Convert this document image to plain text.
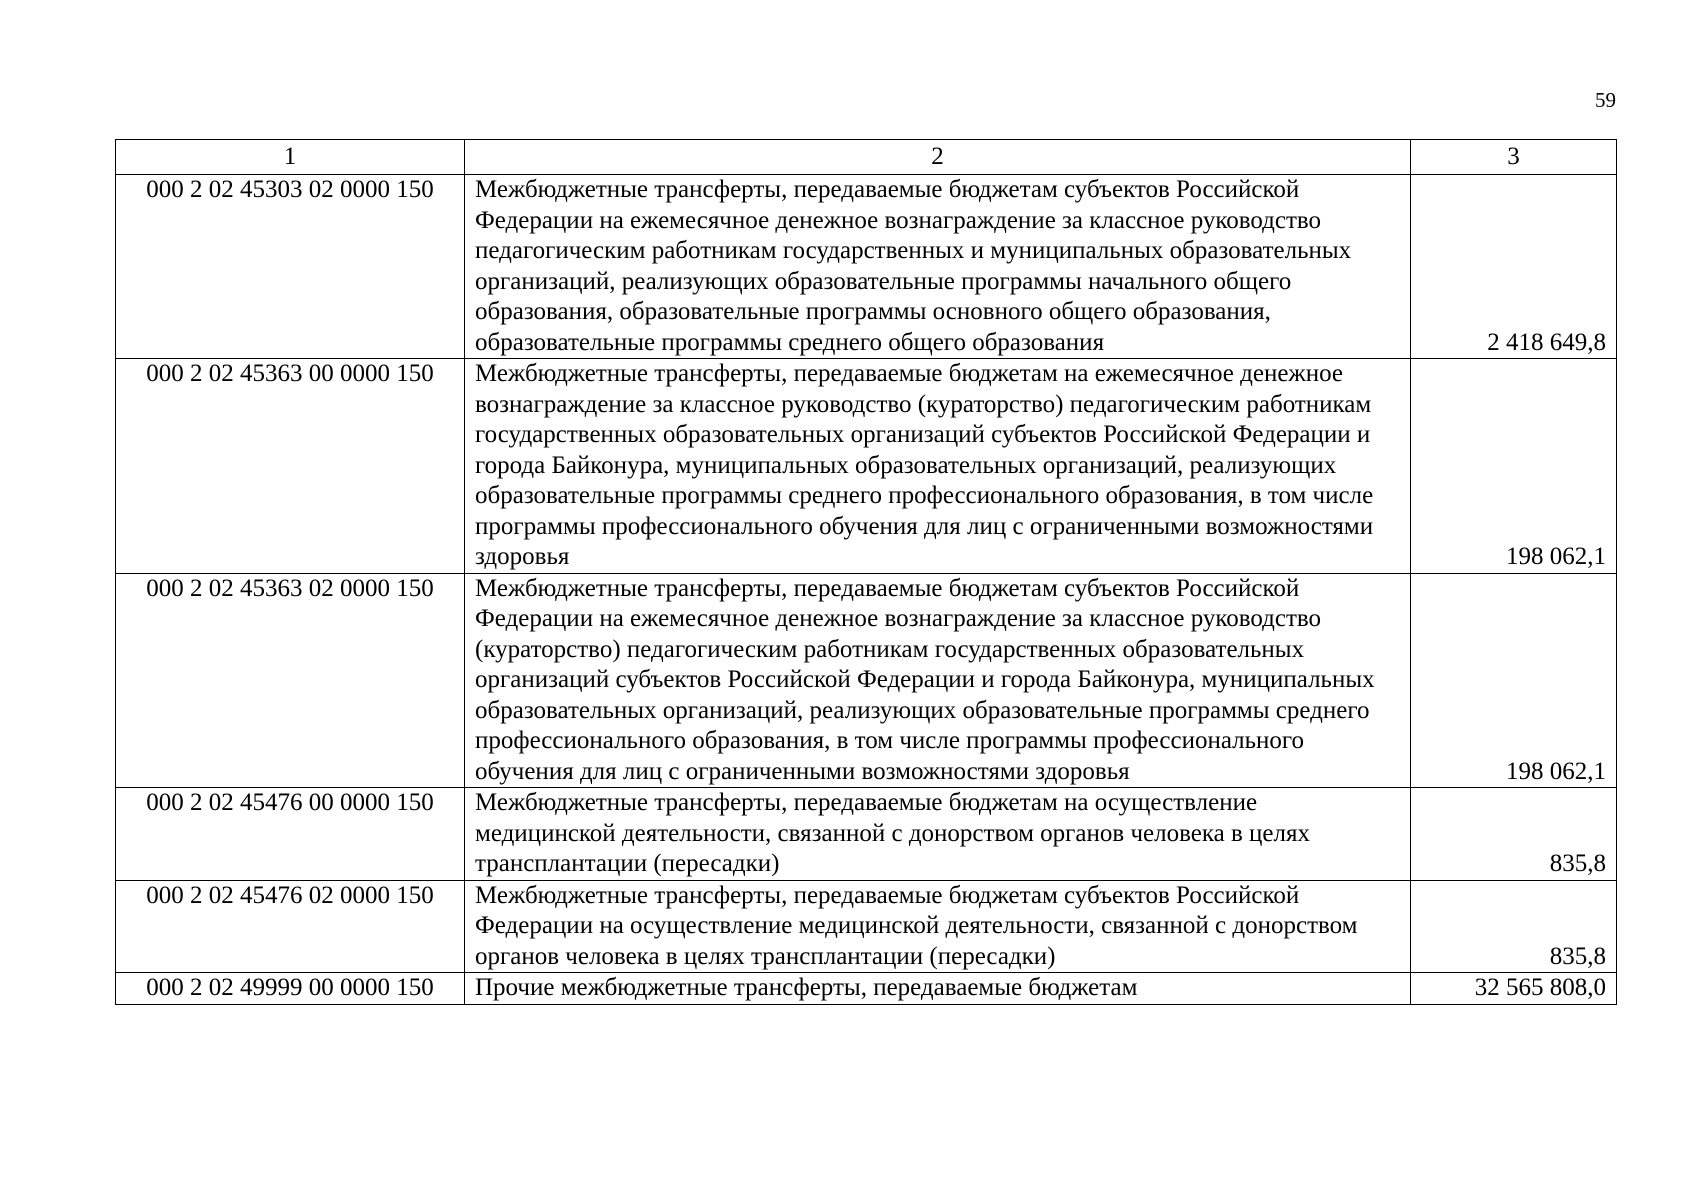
59
1	2	3
000 2 02 45303 02 0000 150	Межбюджетные трансферты, передаваемые бюджетам субъектов Российской Федерации на ежемесячное денежное вознаграждение за классное руководство педагогическим работникам государственных и муниципальных образовательных организаций, реализующих образовательные программы начального общего образования, образовательные программы основного общего образования, образовательные программы среднего общего образования	2 418 649,8
000 2 02 45363 00 0000 150	Межбюджетные трансферты, передаваемые бюджетам на ежемесячное денежное вознаграждение за классное руководство (кураторство) педагогическим работникам государственных образовательных организаций субъектов Российской Федерации и города Байконура, муниципальных образовательных организаций, реализующих образовательные программы среднего профессионального образования, в том числе программы профессионального обучения для лиц с ограниченными возможностями здоровья	198 062,1
000 2 02 45363 02 0000 150	Межбюджетные трансферты, передаваемые бюджетам субъектов Российской Федерации на ежемесячное денежное вознаграждение за классное руководство (кураторство) педагогическим работникам государственных образовательных организаций субъектов Российской Федерации и города Байконура, муниципальных образовательных организаций, реализующих образовательные программы среднего профессионального образования, в том числе программы профессионального обучения для лиц с ограниченными возможностями здоровья	198 062,1
000 2 02 45476 00 0000 150	Межбюджетные трансферты, передаваемые бюджетам на осуществление медицинской деятельности, связанной с донорством органов человека в целях трансплантации (пересадки)	835,8
000 2 02 45476 02 0000 150	Межбюджетные трансферты, передаваемые бюджетам субъектов Российской Федерации на осуществление медицинской деятельности, связанной с донорством органов человека в целях трансплантации (пересадки)	835,8
000 2 02 49999 00 0000 150	Прочие межбюджетные трансферты, передаваемые бюджетам	32 565 808,0
